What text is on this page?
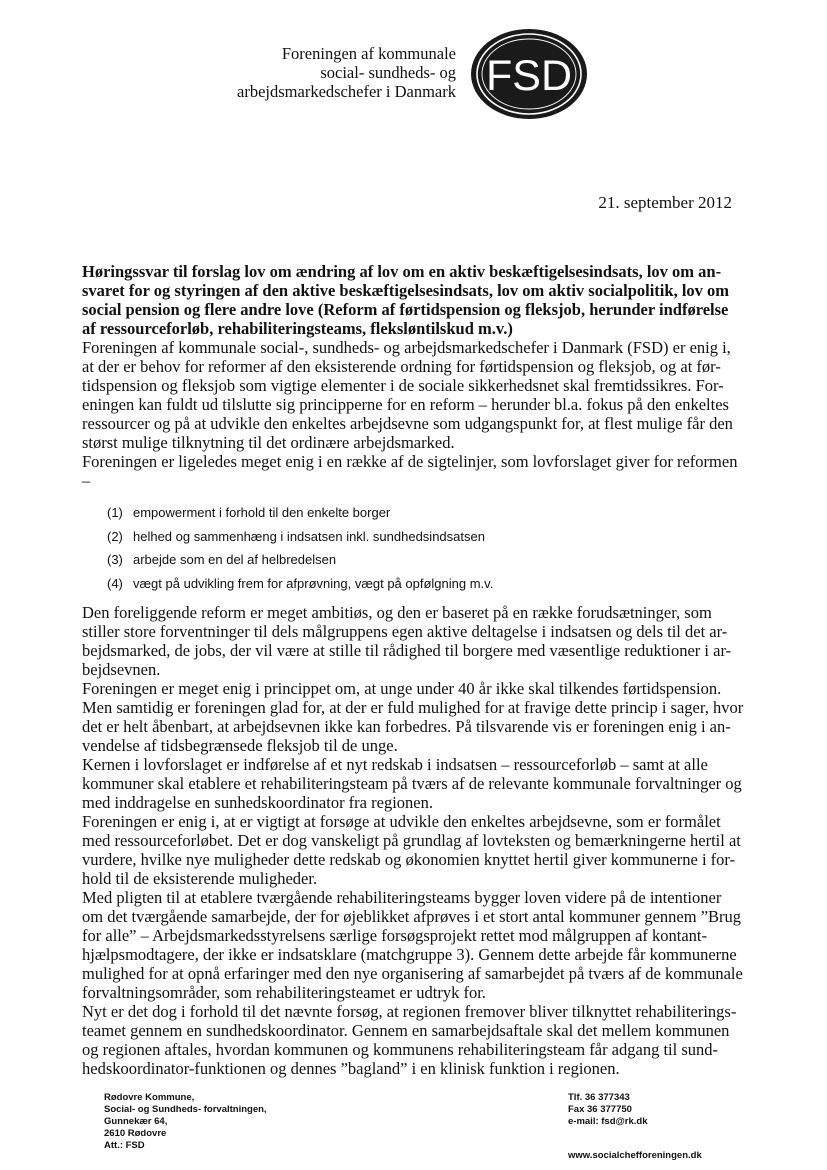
Foreningen af kommunale
social- sundheds- og
arbejdsmarkedschefer i Danmark FSD
21. september 2012
Høringssvar til forslag lov om ændring af lov om en aktiv beskæftigelsesindsats, lov om an-
svaret for og styringen af den aktive beskæftigelsesindsats, lov om aktiv socialpolitik, lov om
social pension og flere andre love (Reform af førtidspension og fleksjob, herunder indførelse
af ressourceforløb, rehabiliteringsteams, fleksløntilskud m.v.)
Foreningen af kommunale social-, sundheds- og arbejdsmarkedschefer i Danmark (FSD) er enig i,
at der er behov for reformer af den eksisterende ordning for førtidspension og fleksjob, og at før-
tidspension og fleksjob som vigtige elementer i de sociale sikkerhedsnet skal fremtidssikres. For-
eningen kan fuldt ud tilslutte sig principperne for en reform – herunder bl.a. fokus på den enkeltes
ressourcer og på at udvikle den enkeltes arbejdsevne som udgangspunkt for, at flest mulige får den
størst mulige tilknytning til det ordinære arbejdsmarked.
Foreningen er ligeledes meget enig i en række af de sigtelinjer, som lovforslaget giver for reformen
–
(1) empowerment i forhold til den enkelte borger
(2) helhed og sammenhæng i indsatsen inkl. sundhedsindsatsen
(3) arbejde som en del af helbredelsen
(4) vægt på udvikling frem for afprøvning, vægt på opfølgning m.v.
Den foreliggende reform er meget ambitiøs, og den er baseret på en række forudsætninger, som
stiller store forventninger til dels målgruppens egen aktive deltagelse i indsatsen og dels til det ar-
bejdsmarked, de jobs, der vil være at stille til rådighed til borgere med væsentlige reduktioner i ar-
bejdsevnen.
Foreningen er meget enig i princippet om, at unge under 40 år ikke skal tilkendes førtidspension.
Men samtidig er foreningen glad for, at der er fuld mulighed for at fravige dette princip i sager, hvor
det er helt åbenbart, at arbejdsevnen ikke kan forbedres. På tilsvarende vis er foreningen enig i an-
vendelse af tidsbegrænsede fleksjob til de unge.
Kernen i lovforslaget er indførelse af et nyt redskab i indsatsen – ressourceforløb – samt at alle
kommuner skal etablere et rehabiliteringsteam på tværs af de relevante kommunale forvaltninger og
med inddragelse en sunhedskoordinator fra regionen.
Foreningen er enig i, at er vigtigt at forsøge at udvikle den enkeltes arbejdsevne, som er formålet
med ressourceforløbet. Det er dog vanskeligt på grundlag af lovteksten og bemærkningerne hertil at
vurdere, hvilke nye muligheder dette redskab og økonomien knyttet hertil giver kommunerne i for-
hold til de eksisterende muligheder.
Med pligten til at etablere tværgående rehabiliteringsteams bygger loven videre på de intentioner
om det tværgående samarbejde, der for øjeblikket afprøves i et stort antal kommuner gennem ”Brug
for alle” – Arbejdsmarkedsstyrelsens særlige forsøgsprojekt rettet mod målgruppen af kontant-
hjælpsmodtagere, der ikke er indsatsklare (matchgruppe 3). Gennem dette arbejde får kommunerne
mulighed for at opnå erfaringer med den nye organisering af samarbejdet på tværs af de kommunale
forvaltningsområder, som rehabiliteringsteamet er udtryk for.
Nyt er det dog i forhold til det nævnte forsøg, at regionen fremover bliver tilknyttet rehabiliterings-
teamet gennem en sundhedskoordinator. Gennem en samarbejdsaftale skal det mellem kommunen
og regionen aftales, hvordan kommunen og kommunens rehabiliteringsteam får adgang til sund-
hedskoordinator-funktionen og dennes ”bagland” i en klinisk funktion i regionen.
Rødovre Kommune,
Social- og Sundheds- forvaltningen,
Gunnekær 64,
2610 Rødovre
Att.: FSD
Tlf. 36 377343
Fax 36 377750
e-mail: fsd@rk.dk
www.socialchefforeningen.dk
